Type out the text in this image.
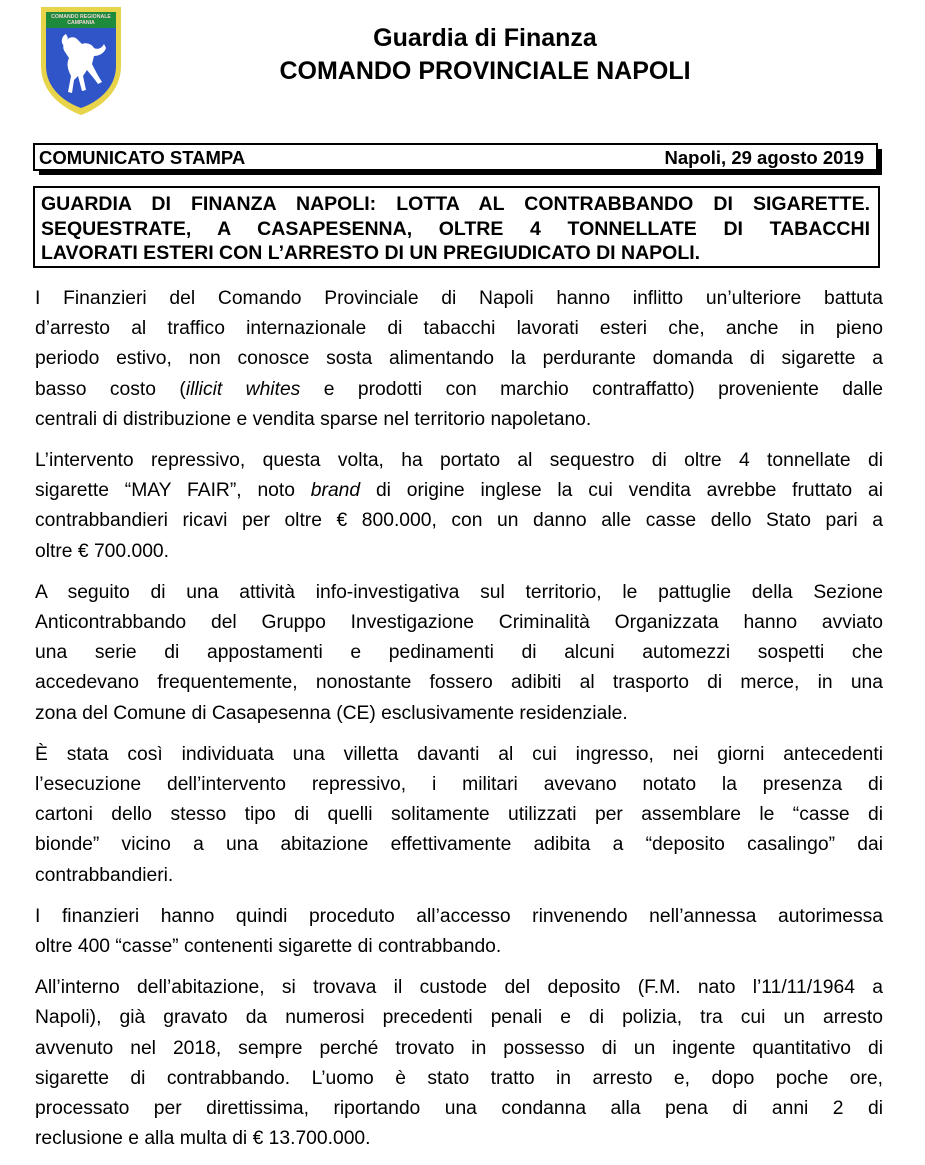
COMANDO REGIONALE
CAMPANIA
Guardia di Finanza
COMANDO PROVINCIALE NAPOLI
COMUNICATO STAMPA	Napoli, 29 agosto 2019
GUARDIA DI FINANZA NAPOLI: LOTTA AL CONTRABBANDO DI SIGARETTE.
SEQUESTRATE, A CASAPESENNA, OLTRE 4 TONNELLATE DI TABACCHI
LAVORATI ESTERI CON L’ARRESTO DI UN PREGIUDICATO DI NAPOLI.
I Finanzieri del Comando Provinciale di Napoli hanno inflitto un’ulteriore battuta
d’arresto al traffico internazionale di tabacchi lavorati esteri che, anche in pieno
periodo estivo, non conosce sosta alimentando la perdurante domanda di sigarette a
basso costo (illicit whites e prodotti con marchio contraffatto) proveniente dalle
centrali di distribuzione e vendita sparse nel territorio napoletano.
L’intervento repressivo, questa volta, ha portato al sequestro di oltre 4 tonnellate di
sigarette “MAY FAIR”, noto brand di origine inglese la cui vendita avrebbe fruttato ai
contrabbandieri ricavi per oltre € 800.000, con un danno alle casse dello Stato pari a
oltre € 700.000.
A seguito di una attività info-investigativa sul territorio, le pattuglie della Sezione
Anticontrabbando del Gruppo Investigazione Criminalità Organizzata hanno avviato
una serie di appostamenti e pedinamenti di alcuni automezzi sospetti che
accedevano frequentemente, nonostante fossero adibiti al trasporto di merce, in una
zona del Comune di Casapesenna (CE) esclusivamente residenziale.
È stata così individuata una villetta davanti al cui ingresso, nei giorni antecedenti
l’esecuzione dell’intervento repressivo, i militari avevano notato la presenza di
cartoni dello stesso tipo di quelli solitamente utilizzati per assemblare le “casse di
bionde” vicino a una abitazione effettivamente adibita a “deposito casalingo” dai
contrabbandieri.
I finanzieri hanno quindi proceduto all’accesso rinvenendo nell’annessa autorimessa
oltre 400 “casse” contenenti sigarette di contrabbando.
All’interno dell’abitazione, si trovava il custode del deposito (F.M. nato l’11/11/1964 a
Napoli), già gravato da numerosi precedenti penali e di polizia, tra cui un arresto
avvenuto nel 2018, sempre perché trovato in possesso di un ingente quantitativo di
sigarette di contrabbando. L’uomo è stato tratto in arresto e, dopo poche ore,
processato per direttissima, riportando una condanna alla pena di anni 2 di
reclusione e alla multa di € 13.700.000.
